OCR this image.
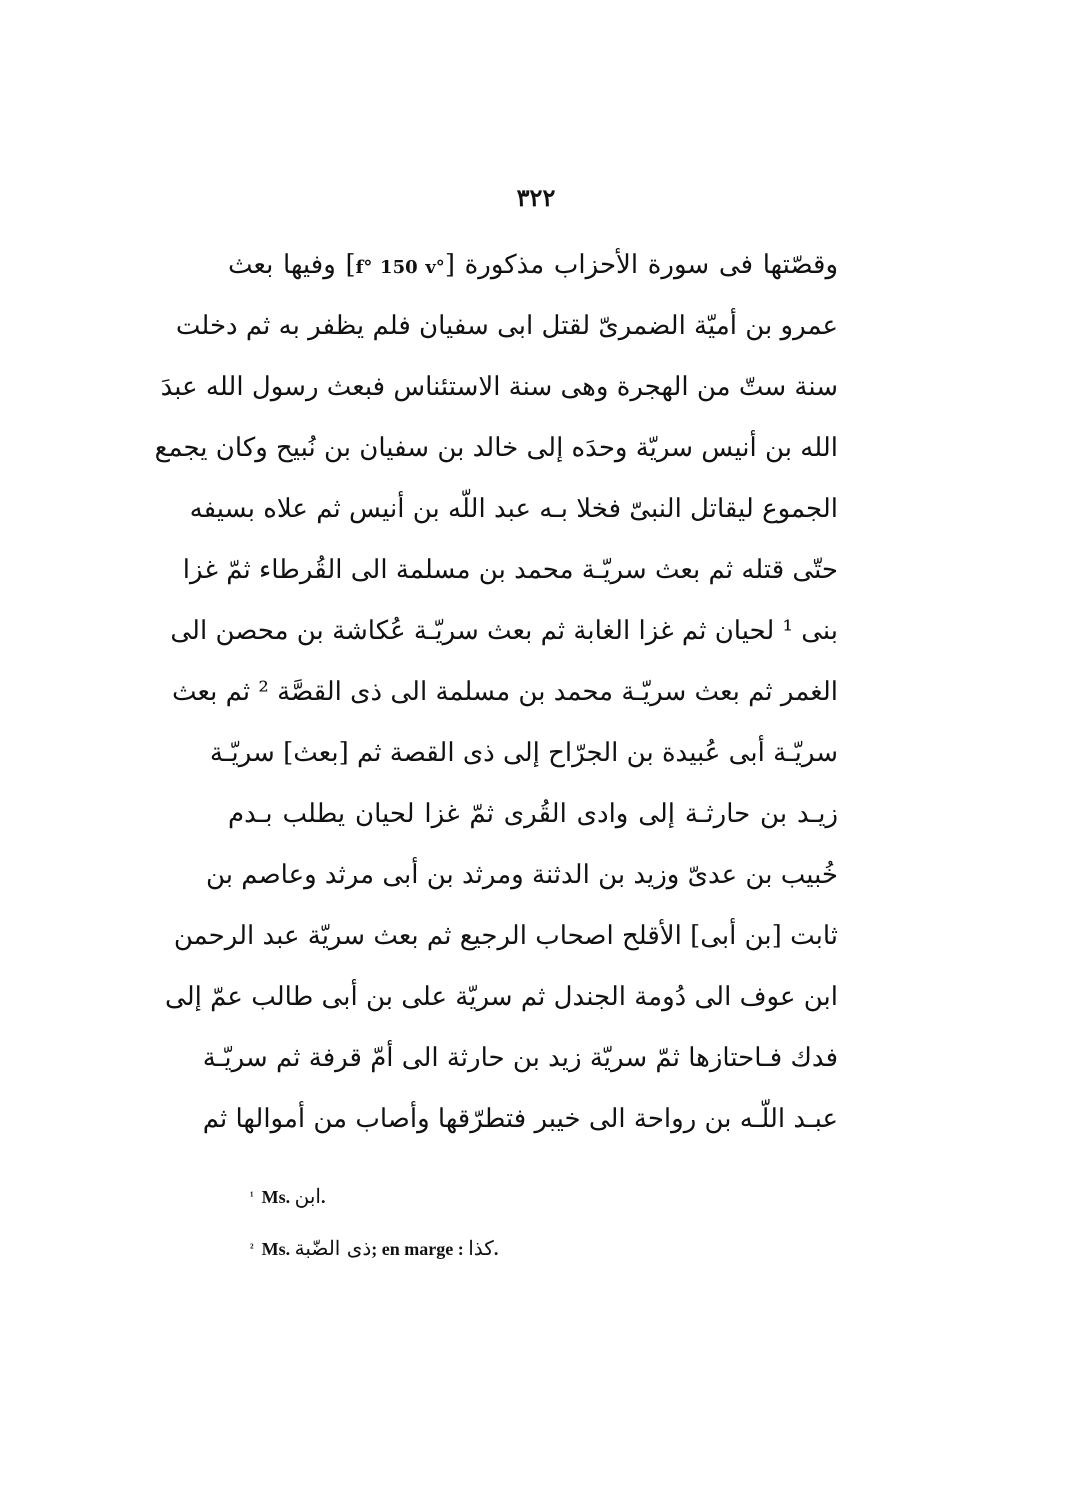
٣٢٢
وقصّتها فى سورة الأحزاب مذكورة [f° 150 v°] وفيها بعث
عمرو بن أميّة الضمرىّ لقتل ابى سفيان فلم يظفر به ثم دخلت
سنة ستّ من الهجرة وهى سنة الاستئناس فبعث رسول الله عبدَ
الله بن أنيس سريّة وحدَه إلى خالد بن سفيان بن نُبيح وكان يجمع
الجموع ليقاتل النبىّ فخلا بـه عبد اللّه بن أنيس ثم علاه بسيفه
حتّى قتله ثم بعث سريّـة محمد بن مسلمة الى القُرطاء ثمّ غزا
بنى ¹ لحيان ثم غزا الغابة ثم بعث سريّـة عُكاشة بن محصن الى
الغمر ثم بعث سريّـة محمد بن مسلمة الى ذى القصَّة ² ثم بعث
سريّـة أبى عُبيدة بن الجرّاح إلى ذى القصة ثم [بعث] سريّـة
زيـد بن حارثـة إلى وادى القُرى ثمّ غزا لحيان يطلب بـدم
خُبيب بن عدىّ وزيد بن الدثنة ومرثد بن أبى مرثد وعاصم بن
ثابت [بن أبى] الأقلح اصحاب الرجيع ثم بعث سريّة عبد الرحمن
ابن عوف الى دُومة الجندل ثم سريّة على بن أبى طالب عمّ إلى
فدك فـاحتازها ثمّ سريّة زيد بن حارثة الى أمّ قرفة ثم سريّـة
عبـد اللّـه بن رواحة الى خيبر فتطرّقها وأصاب من أموالها ثم
$^{^1}$ Ms. ابن.
$^{^2}$ Ms. ذى الضّبة; en marge : كذا.
